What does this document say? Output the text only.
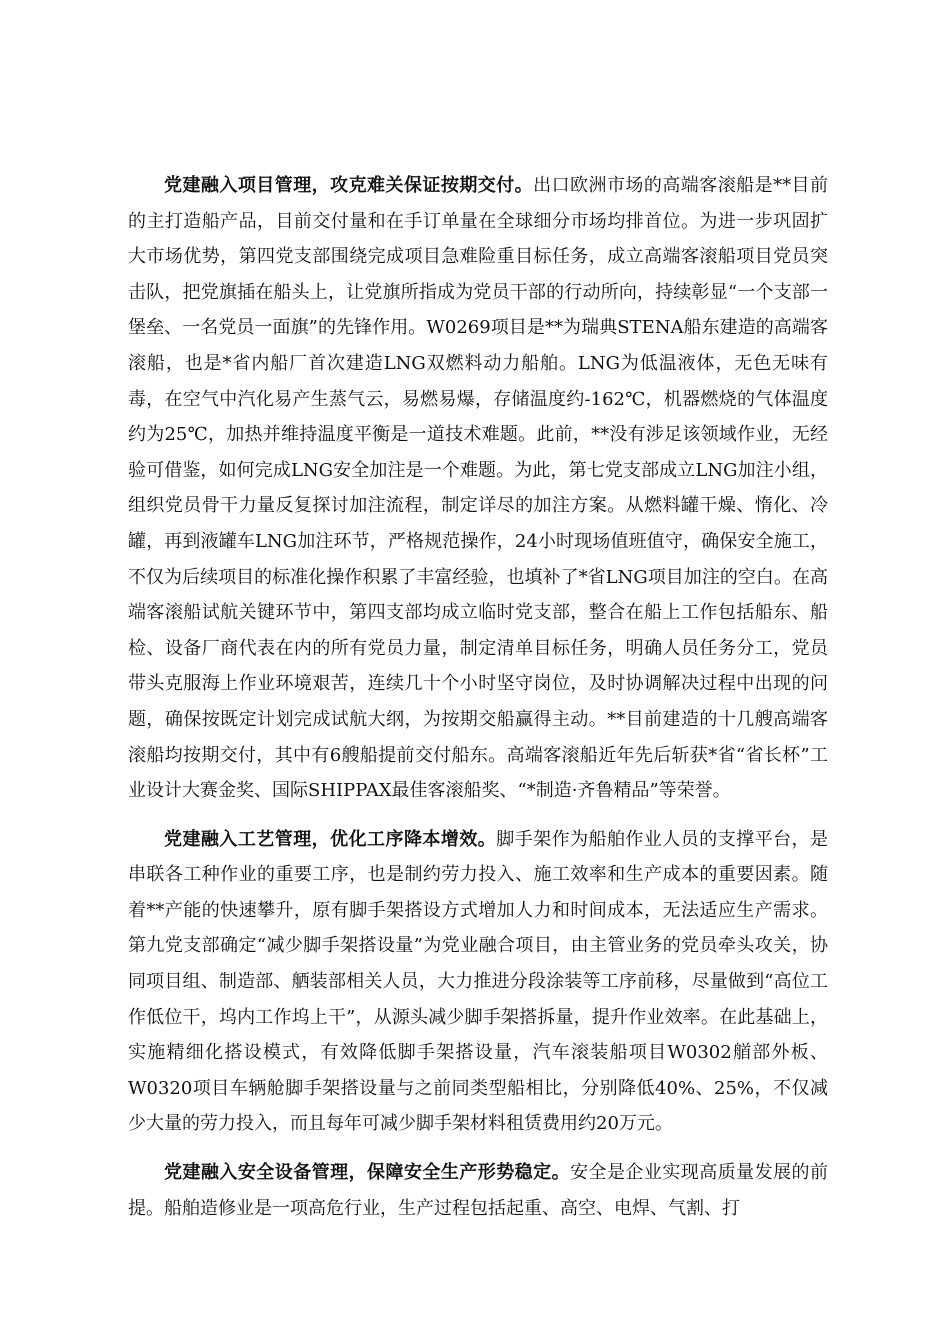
党建融入项目管理，攻克难关保证按期交付。出口欧洲市场的高端客滚船是**目前的主打造船产品，目前交付量和在手订单量在全球细分市场均排首位。为进一步巩固扩大市场优势，第四党支部围绕完成项目急难险重目标任务，成立高端客滚船项目党员突击队，把党旗插在船头上，让党旗所指成为党员干部的行动所向，持续彰显“一个支部一堡垒、一名党员一面旗”的先锋作用。W0269项目是**为瑞典STENA船东建造的高端客滚船，也是*省内船厂首次建造LNG双燃料动力船舶。LNG为低温液体，无色无味有毒，在空气中汽化易产生蒸气云，易燃易爆，存储温度约-162℃，机器燃烧的气体温度约为25℃，加热并维持温度平衡是一道技术难题。此前，**没有涉足该领域作业，无经验可借鉴，如何完成LNG安全加注是一个难题。为此，第七党支部成立LNG加注小组，组织党员骨干力量反复探讨加注流程，制定详尽的加注方案。从燃料罐干燥、惰化、冷罐，再到液罐车LNG加注环节，严格规范操作，24小时现场值班值守，确保安全施工，不仅为后续项目的标准化操作积累了丰富经验，也填补了*省LNG项目加注的空白。在高端客滚船试航关键环节中，第四支部均成立临时党支部，整合在船上工作包括船东、船检、设备厂商代表在内的所有党员力量，制定清单目标任务，明确人员任务分工，党员带头克服海上作业环境艰苦，连续几十个小时坚守岗位，及时协调解决过程中出现的问题，确保按既定计划完成试航大纲，为按期交船赢得主动。**目前建造的十几艘高端客滚船均按期交付，其中有6艘船提前交付船东。高端客滚船近年先后斩获*省“省长杯”工业设计大赛金奖、国际SHIPPAX最佳客滚船奖、“*制造·齐鲁精品”等荣誉。

党建融入工艺管理，优化工序降本增效。脚手架作为船舶作业人员的支撑平台，是串联各工种作业的重要工序，也是制约劳力投入、施工效率和生产成本的重要因素。随着**产能的快速攀升，原有脚手架搭设方式增加人力和时间成本，无法适应生产需求。第九党支部确定“减少脚手架搭设量”为党业融合项目，由主管业务的党员牵头攻关，协同项目组、制造部、舾装部相关人员，大力推进分段涂装等工序前移，尽量做到“高位工作低位干，坞内工作坞上干”，从源头减少脚手架搭拆量，提升作业效率。在此基础上，实施精细化搭设模式，有效降低脚手架搭设量，汽车滚装船项目W0302艏部外板、W0320项目车辆舱脚手架搭设量与之前同类型船相比，分别降低40%、25%，不仅减少大量的劳力投入，而且每年可减少脚手架材料租赁费用约20万元。

党建融入安全设备管理，保障安全生产形势稳定。安全是企业实现高质量发展的前提。船舶造修业是一项高危行业，生产过程包括起重、高空、电焊、气割、打
